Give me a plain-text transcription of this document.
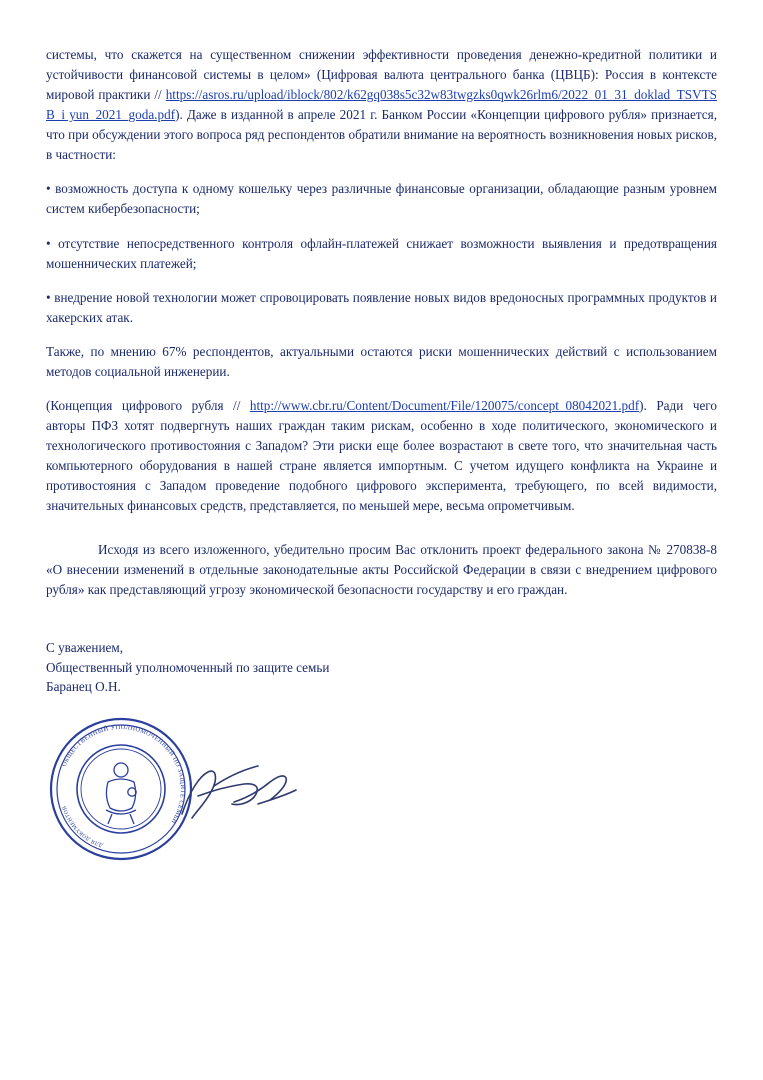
системы, что скажется на существенном снижении эффективности проведения денежно-кредитной политики и устойчивости финансовой системы в целом» (Цифровая валюта центрального банка (ЦВЦБ): Россия в контексте мировой практики // https://asros.ru/upload/iblock/802/k62gq038s5c32w83twgzks0qwk26rlm6/2022_01_31_doklad_TSVTSB_i yun_2021_goda.pdf). Даже в изданной в апреле 2021 г. Банком России «Концепции цифрового рубля» признается, что при обсуждении этого вопроса ряд респондентов обратили внимание на вероятность возникновения новых рисков, в частности:

• возможность доступа к одному кошельку через различные финансовые организации, обладающие разным уровнем систем кибербезопасности;

• отсутствие непосредственного контроля офлайн-платежей снижает возможности выявления и предотвращения мошеннических платежей;

• внедрение новой технологии может спровоцировать появление новых видов вредоносных программных продуктов и хакерских атак.

Также, по мнению 67% респондентов, актуальными остаются риски мошеннических действий с использованием методов социальной инженерии.

(Концепция цифрового рубля // http://www.cbr.ru/Content/Document/File/120075/concept_08042021.pdf). Ради чего авторы ПФЗ хотят подвергнуть наших граждан таким рискам, особенно в ходе политического, экономического и технологического противостояния с Западом? Эти риски еще более возрастают в свете того, что значительная часть компьютерного оборудования в нашей стране является импортным. С учетом идущего конфликта на Украине и противостояния с Западом проведение подобного цифрового эксперимента, требующего, по всей видимости, значительных финансовых средств, представляется, по меньшей мере, весьма опрометчивым.

Исходя из всего изложенного, убедительно просим Вас отклонить проект федерального закона № 270838-8 «О внесении изменений в отдельные законодательные акты Российской Федерации в связи с внедрением цифрового рубля» как представляющий угрозу экономической безопасности государству и его граждан.

С уважением,
Общественный уполномоченный по защите семьи
Баранец О.Н.
ОБЩЕСТВЕННЫЙ УПОЛНОМОЧЕННЫЙ ПО ЗАЩИТЕ СЕМЬИ
ДЛЯ ДОКУМЕНТОВ
